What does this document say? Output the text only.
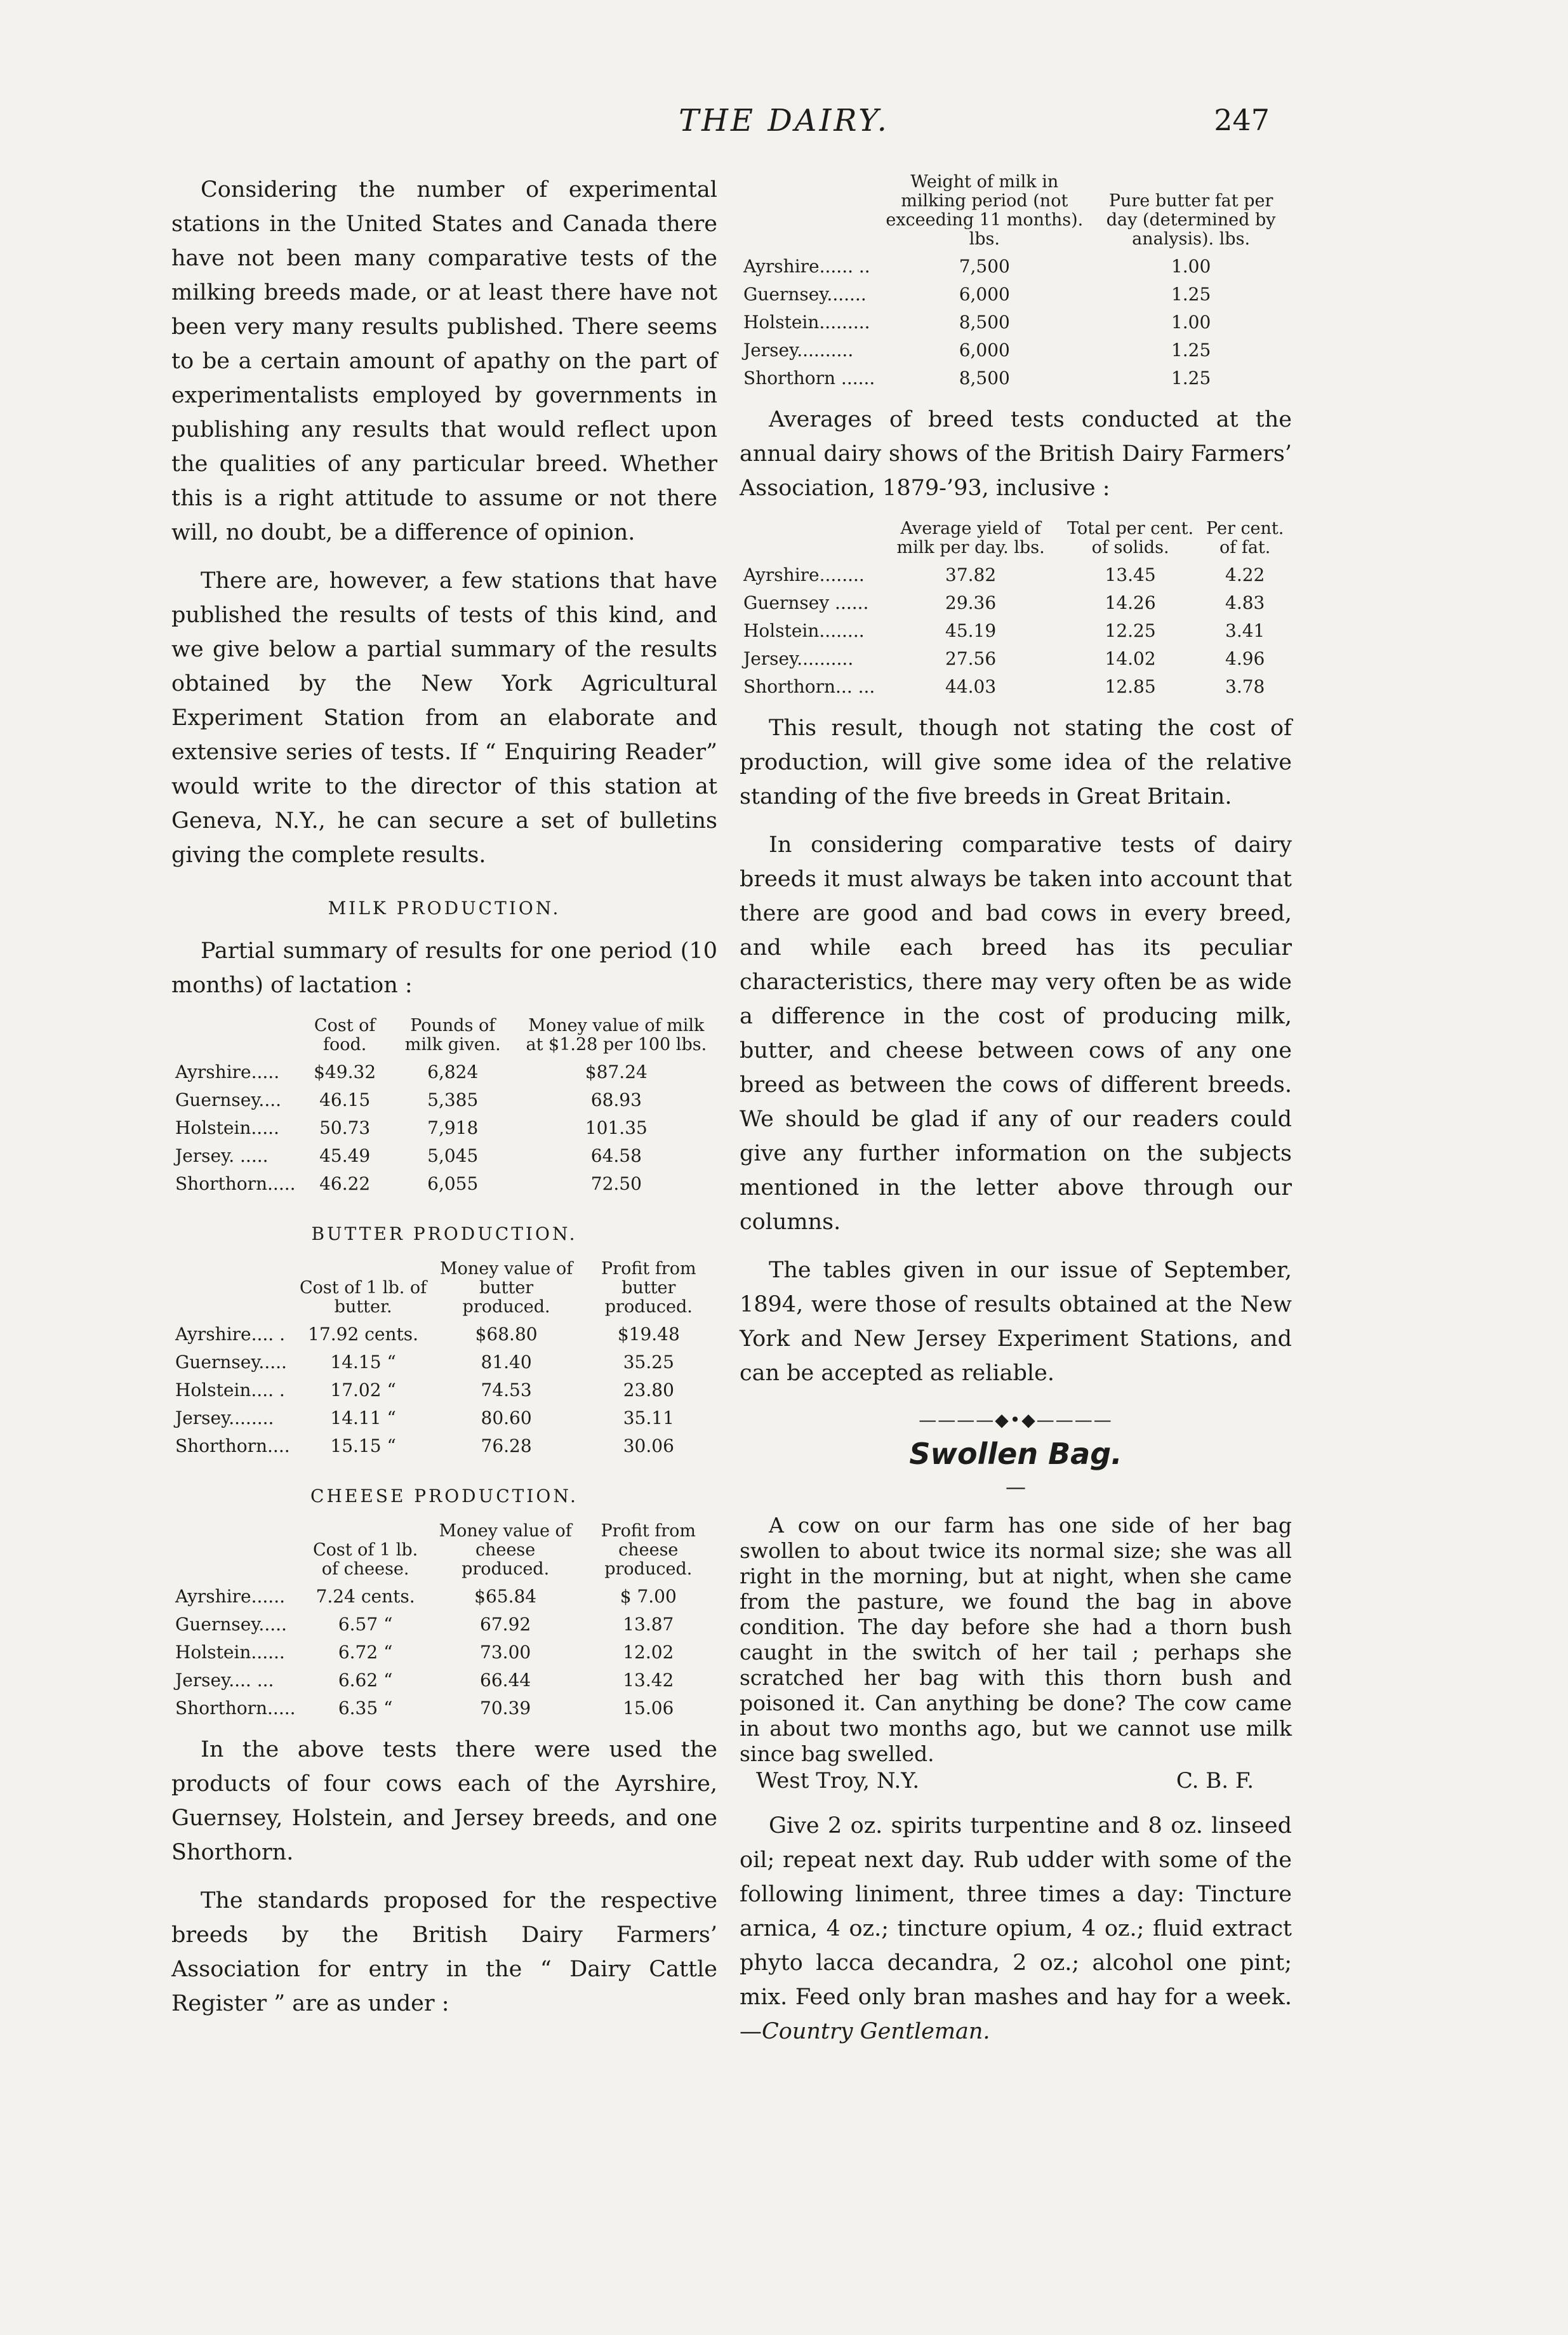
THE DAIRY.	247

Considering the number of experimental stations in the United States and Canada there have not been many comparative tests of the milking breeds made, or at least there have not been very many results published. There seems to be a certain amount of apathy on the part of experimentalists employed by governments in publishing any results that would reflect upon the qualities of any particular breed. Whether this is a right attitude to assume or not there will, no doubt, be a difference of opinion.

There are, however, a few stations that have published the results of tests of this kind, and we give below a partial summary of the results obtained by the New York Agricultural Experiment Station from an elaborate and extensive series of tests. If “ Enquiring Reader” would write to the director of this station at Geneva, N.Y., he can secure a set of bulletins giving the complete results.

MILK PRODUCTION.

Partial summary of results for one period (10 months) of lactation :

	Cost of food.	Pounds of milk given.	Money value of milk at $1.28 per 100 lbs.
Ayrshire.....	$49.32	6,824	$87.24
Guernsey....	46.15	5,385	68.93
Holstein.....	50.73	7,918	101.35
Jersey. .....	45.49	5,045	64.58
Shorthorn.....	46.22	6,055	72.50
BUTTER PRODUCTION.
	Cost of 1 lb. of butter.	Money value of butter produced.	Profit from butter produced.
Ayrshire.... .	17.92 cents.	$68.80	$19.48
Guernsey.....	14.15 “	81.40	35.25
Holstein.... .	17.02 “	74.53	23.80
Jersey........	14.11 “	80.60	35.11
Shorthorn....	15.15 “	76.28	30.06
CHEESE PRODUCTION.
	Cost of 1 lb. of cheese.	Money value of cheese produced.	Profit from cheese produced.
Ayrshire......	7.24 cents.	$65.84	$ 7.00
Guernsey.....	6.57 “	67.92	13.87
Holstein......	6.72 “	73.00	12.02
Jersey.... ...	6.62 “	66.44	13.42
Shorthorn.....	6.35 “	70.39	15.06

In the above tests there were used the products of four cows each of the Ayrshire, Guernsey, Holstein, and Jersey breeds, and one Shorthorn.

The standards proposed for the respective breeds by the British Dairy Farmers’ Association for entry in the “ Dairy Cattle Register ” are as under :

	Weight of milk in milking period (not exceeding 11 months). lbs.	Pure butter fat per day (determined by analysis). lbs.
Ayrshire...... ..	7,500	1.00
Guernsey.......	6,000	1.25
Holstein.........	8,500	1.00
Jersey..........	6,000	1.25
Shorthorn ......	8,500	1.25

Averages of breed tests conducted at the annual dairy shows of the British Dairy Farmers’ Association, 1879-’93, inclusive :

	Average yield of milk per day. lbs.	Total per cent. of solids.	Per cent. of fat.
Ayrshire........	37.82	13.45	4.22
Guernsey ......	29.36	14.26	4.83
Holstein........	45.19	12.25	3.41
Jersey..........	27.56	14.02	4.96
Shorthorn... ...	44.03	12.85	3.78

This result, though not stating the cost of production, will give some idea of the relative standing of the five breeds in Great Britain.

In considering comparative tests of dairy breeds it must always be taken into account that there are good and bad cows in every breed, and while each breed has its peculiar characteristics, there may very often be as wide a difference in the cost of producing milk, butter, and cheese between cows of any one breed as between the cows of different breeds. We should be glad if any of our readers could give any further information on the subjects mentioned in the letter above through our columns.

The tables given in our issue of September, 1894, were those of results obtained at the New York and New Jersey Experiment Stations, and can be accepted as reliable.

————◆•◆————
Swollen Bag.
—

A cow on our farm has one side of her bag swollen to about twice its normal size; she was all right in the morning, but at night, when she came from the pasture, we found the bag in above condition. The day before she had a thorn bush caught in the switch of her tail ; perhaps she scratched her bag with this thorn bush and poisoned it. Can anything be done? The cow came in about two months ago, but we cannot use milk since bag swelled.

West Troy, N.Y.	C. B. F.

Give 2 oz. spirits turpentine and 8 oz. linseed oil; repeat next day. Rub udder with some of the following liniment, three times a day: Tincture arnica, 4 oz.; tincture opium, 4 oz.; fluid extract phyto lacca decandra, 2 oz.; alcohol one pint; mix. Feed only bran mashes and hay for a week.—Country Gentleman.
